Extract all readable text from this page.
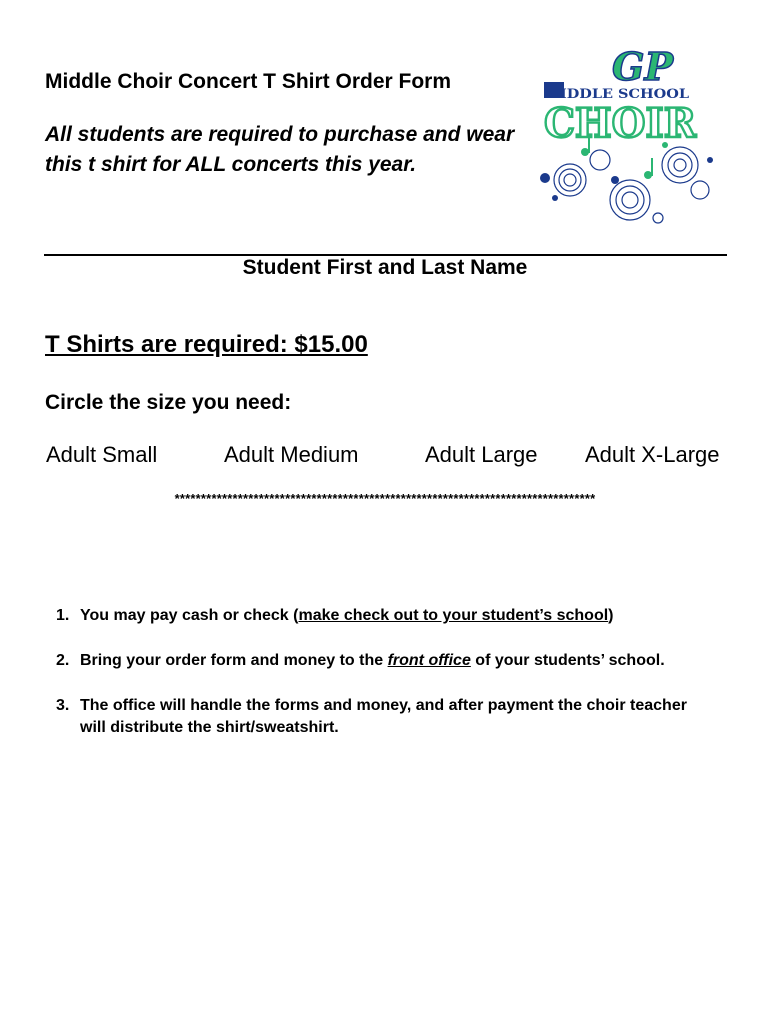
Middle Choir Concert T Shirt Order Form
All students are required to purchase and wear this t shirt for ALL concerts this year.
GP
MIDDLE SCHOOL
CHOIR
Student First and Last Name
T Shirts are required: $15.00
Circle the size you need:
Adult Small	Adult Medium	Adult Large Adult X-Large
********************************************************************************
1. You may pay cash or check (make check out to your student’s school)
2. Bring your order form and money to the front office of your students’ school.
3. The office will handle the forms and money, and after payment the choir teacher will distribute the shirt/sweatshirt.
